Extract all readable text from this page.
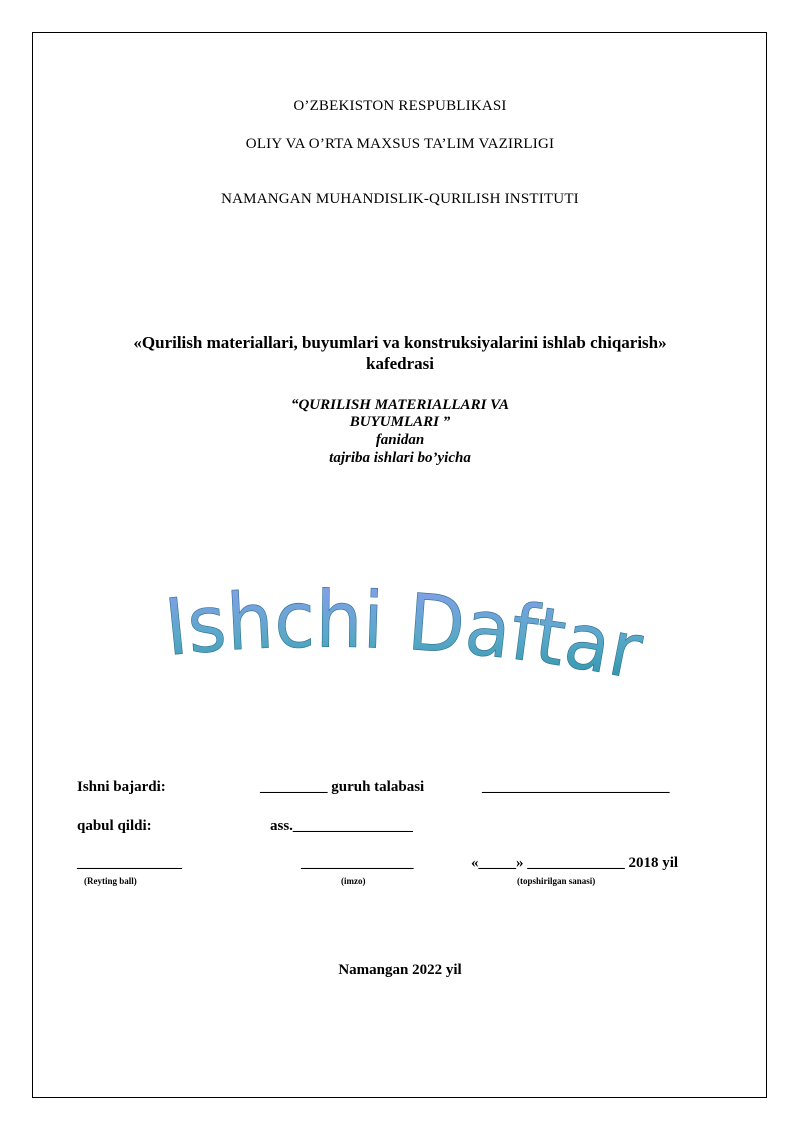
O’ZBEKISTON RESPUBLIKASI
OLIY VA O’RTA MAXSUS TA’LIM VAZIRLIGI
NAMANGAN MUHANDISLIK-QURILISH INSTITUTI
«Qurilish materiallari, buyumlari va konstruksiyalarini ishlab chiqarish»
kafedrasi
“QURILISH MATERIALLARI VA
BUYUMLARI ”
fanidan
tajriba ishlari bo’yicha
Ishchi Daftar
Ishni bajardi:	_________ guruh talabasi	_________________________
qabul qildi:	ass.________________
______________	_______________	«_____» _____________ 2018 yil
(Reyting ball)	(imzo)	(topshirilgan sanasi)
Namangan 2022 yil
